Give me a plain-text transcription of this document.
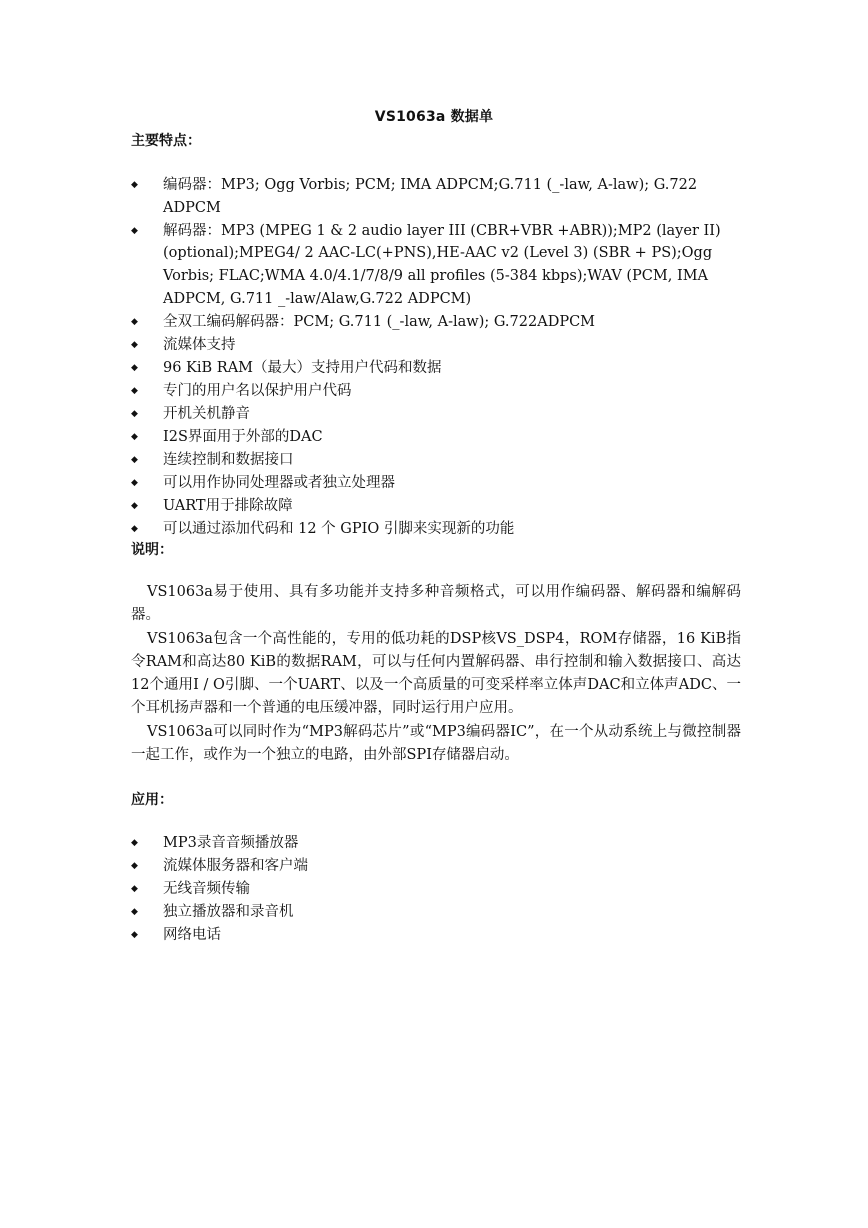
VS1063a 数据单
主要特点：
◆	编码器：MP3; Ogg Vorbis; PCM; IMA ADPCM;G.711 (_-law, A-law); G.722 ADPCM
◆	解码器：MP3 (MPEG 1 & 2 audio layer III (CBR+VBR +ABR));MP2 (layer II) (optional);MPEG4/ 2 AAC-LC(+PNS),HE-AAC v2 (Level 3) (SBR + PS);Ogg Vorbis; FLAC;WMA 4.0/4.1/7/8/9 all profiles (5-384 kbps);WAV (PCM, IMA ADPCM, G.711 _-law/Alaw,G.722 ADPCM)
◆	全双工编码解码器：PCM; G.711 (_-law, A-law); G.722ADPCM
◆	流媒体支持
◆	96 KiB RAM（最大）支持用户代码和数据
◆	专门的用户名以保护用户代码
◆	开机关机静音
◆	I2S界面用于外部的DAC
◆	连续控制和数据接口
◆	可以用作协同处理器或者独立处理器
◆	UART用于排除故障
◆	可以通过添加代码和 12 个 GPIO 引脚来实现新的功能
说明：

VS1063a易于使用、具有多功能并支持多种音频格式，可以用作编码器、解码器和编解码器。

VS1063a包含一个高性能的，专用的低功耗的DSP核VS_DSP4，ROM存储器，16 KiB指令RAM和高达80 KiB的数据RAM，可以与任何内置解码器、串行控制和输入数据接口、高达12个通用I / O引脚、一个UART、以及一个高质量的可变采样率立体声DAC和立体声ADC、一个耳机扬声器和一个普通的电压缓冲器，同时运行用户应用。

VS1063a可以同时作为“MP3解码芯片”或“MP3编码器IC”，在一个从动系统上与微控制器一起工作，或作为一个独立的电路，由外部SPI存储器启动。

应用：
◆	MP3录音音频播放器
◆	流媒体服务器和客户端
◆	无线音频传输
◆	独立播放器和录音机
◆	网络电话
